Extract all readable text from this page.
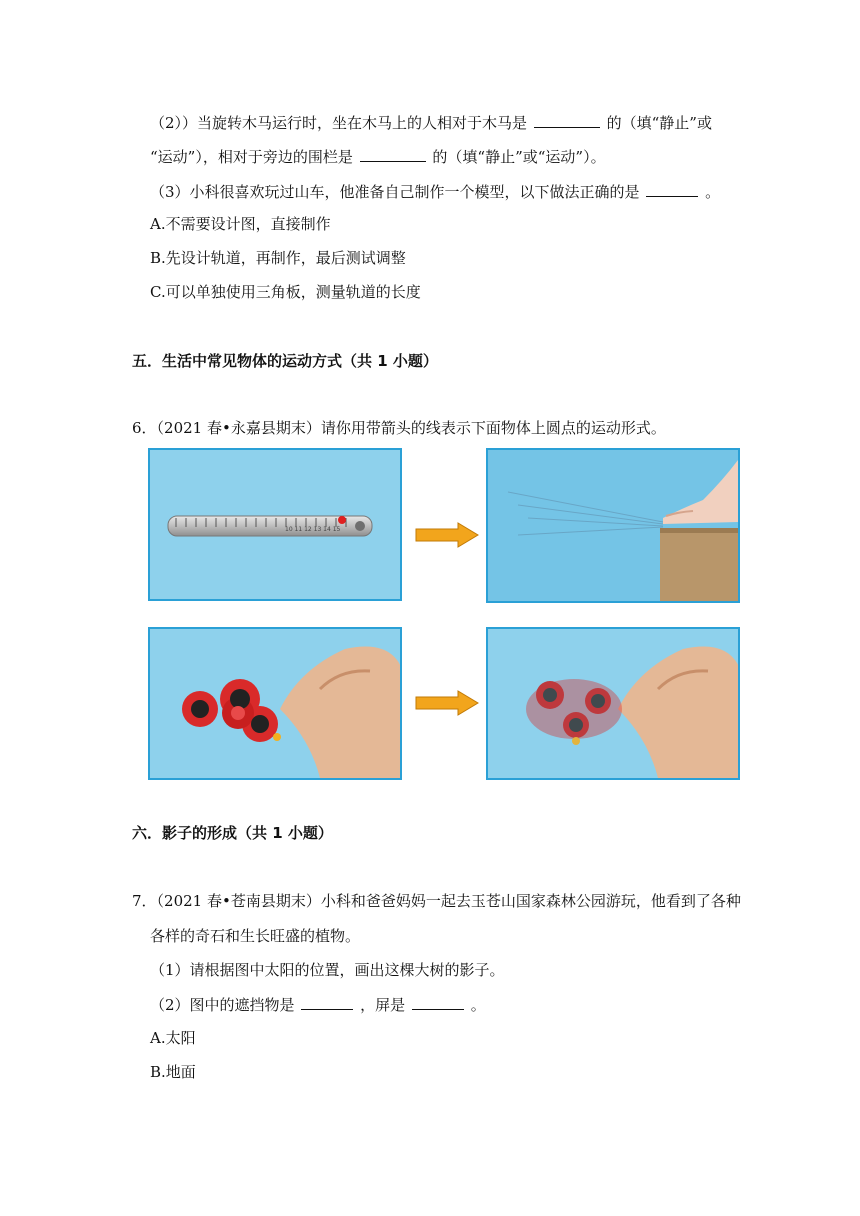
（2））当旋转木马运行时，坐在木马上的人相对于木马是	的（填“静止”或
“运动”），相对于旁边的围栏是	的（填“静止”或“运动”）。
（3）小科很喜欢玩过山车，他准备自己制作一个模型，以下做法正确的是	。
A.不需要设计图，直接制作
B.先设计轨道，再制作，最后测试调整
C.可以单独使用三角板，测量轨道的长度
五．生活中常见物体的运动方式（共 1 小题）
6．（2021 春•永嘉县期末）请你用带箭头的线表示下面物体上圆点的运动形式。
10 11 12 13 14 15
六．影子的形成（共 1 小题）
7．（2021 春•苍南县期末）小科和爸爸妈妈一起去玉苍山国家森林公园游玩，他看到了各种
各样的奇石和生长旺盛的植物。
（1）请根据图中太阳的位置，画出这棵大树的影子。
（2）图中的遮挡物是	，屏是	。
A.太阳
B.地面
